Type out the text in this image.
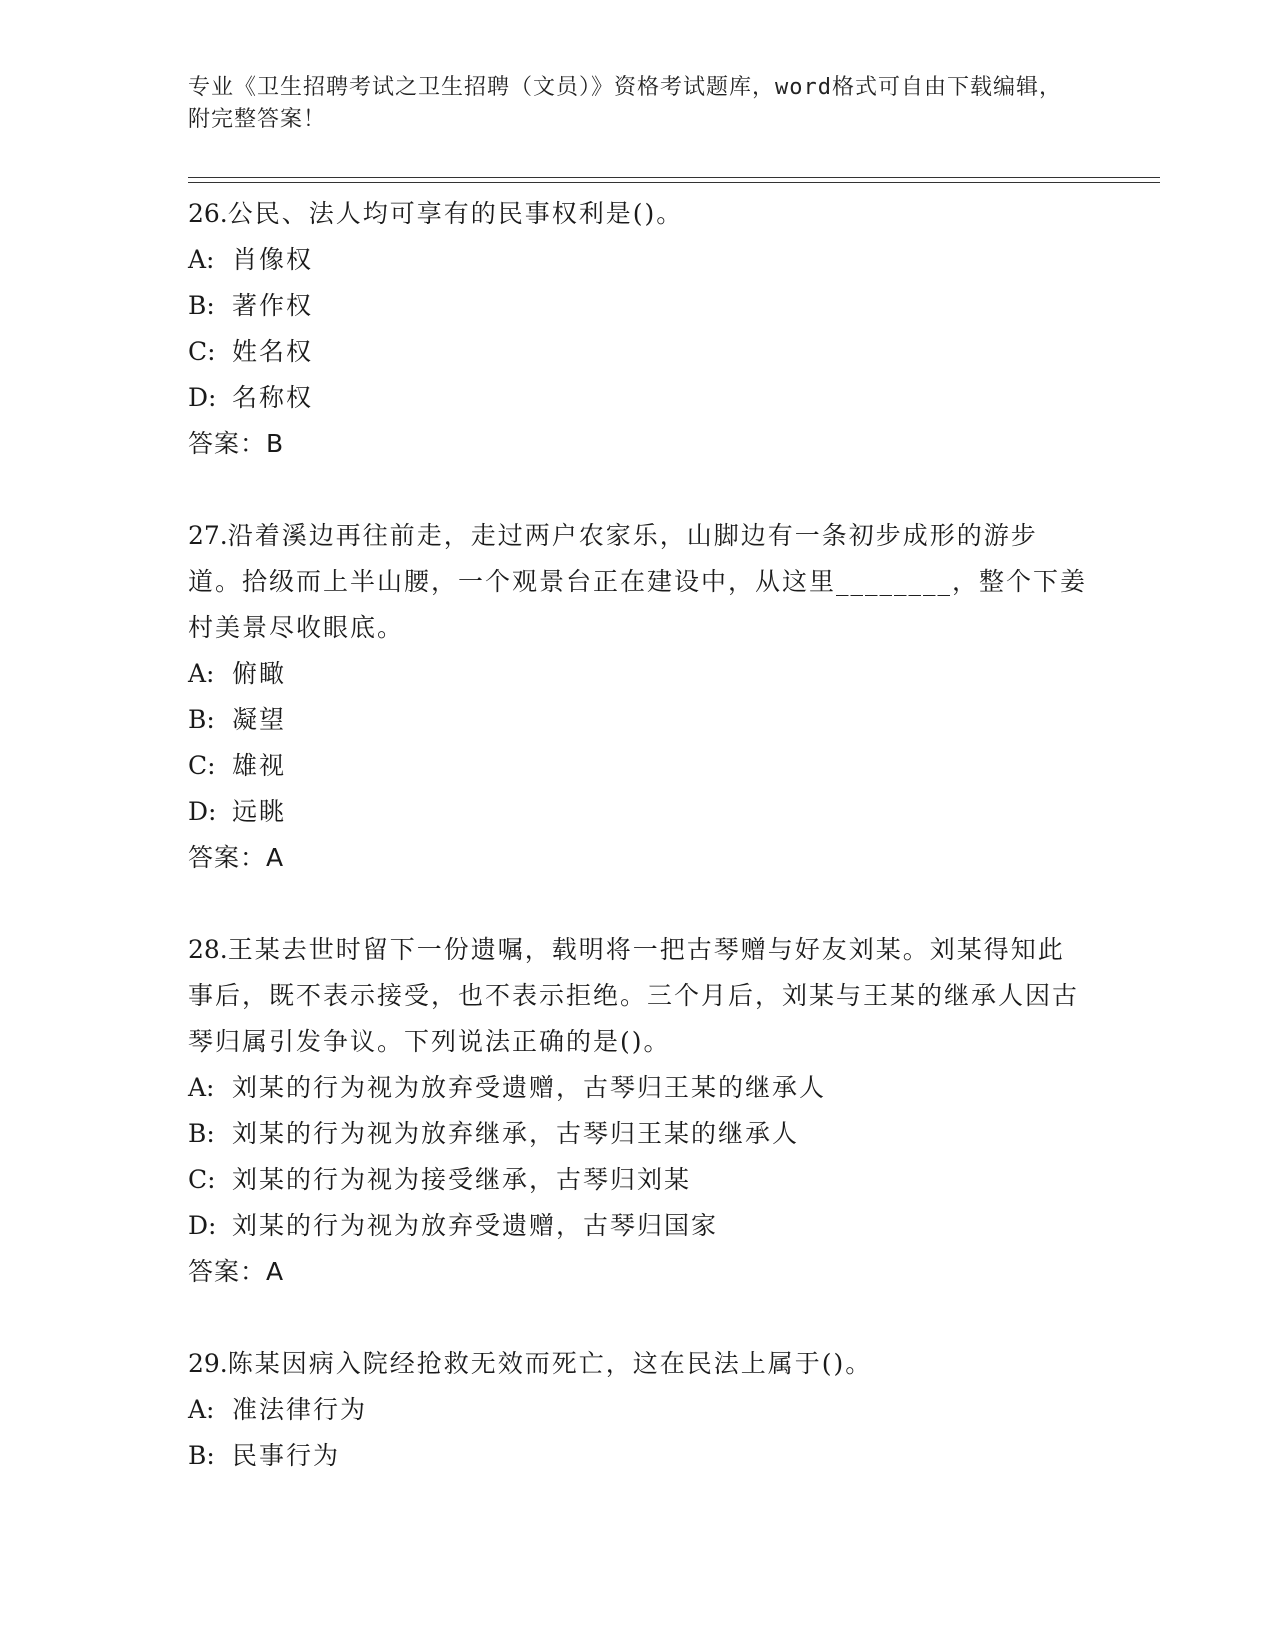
专业《卫生招聘考试之卫生招聘（文员）》资格考试题库，word格式可自由下载编辑，附完整答案！
26.公民、法人均可享有的民事权利是()。
A: 肖像权
B: 著作权
C: 姓名权
D: 名称权
答案：B
27.沿着溪边再往前走，走过两户农家乐，山脚边有一条初步成形的游步道。拾级而上半山腰，一个观景台正在建设中，从这里________，整个下姜村美景尽收眼底。
A: 俯瞰
B: 凝望
C: 雄视
D: 远眺
答案：A
28.王某去世时留下一份遗嘱，载明将一把古琴赠与好友刘某。刘某得知此事后，既不表示接受，也不表示拒绝。三个月后，刘某与王某的继承人因古琴归属引发争议。下列说法正确的是()。
A: 刘某的行为视为放弃受遗赠，古琴归王某的继承人
B: 刘某的行为视为放弃继承，古琴归王某的继承人
C: 刘某的行为视为接受继承，古琴归刘某
D: 刘某的行为视为放弃受遗赠，古琴归国家
答案：A
29.陈某因病入院经抢救无效而死亡，这在民法上属于()。
A: 准法律行为
B: 民事行为
